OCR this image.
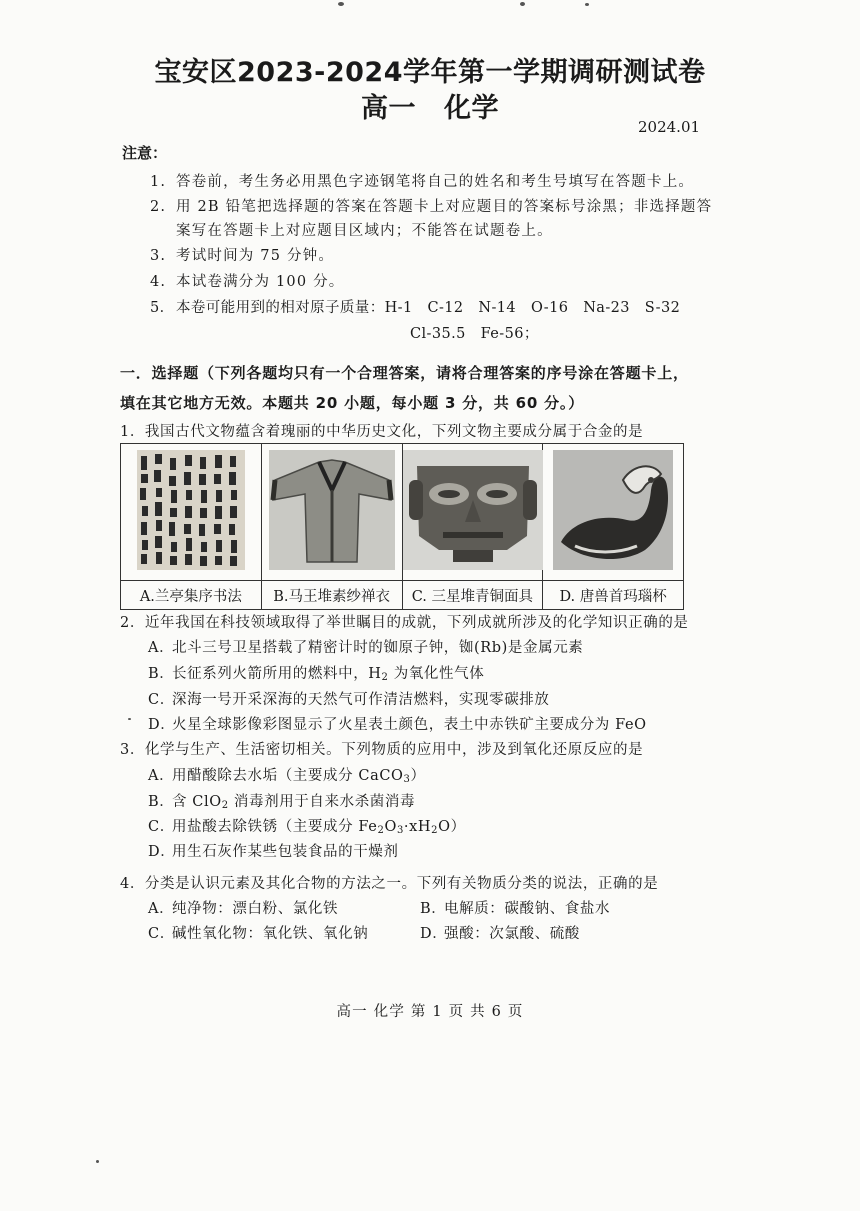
宝安区2023-2024学年第一学期调研测试卷
高一 化学
2024.01
注意：
1. 答卷前，考生务必用黑色字迹钢笔将自己的姓名和考生号填写在答题卡上。
2. 用 2B 铅笔把选择题的答案在答题卡上对应题目的答案标号涂黑；非选择题答
案写在答题卡上对应题目区域内；不能答在试题卷上。
3. 考试时间为 75 分钟。
4. 本试卷满分为 100 分。
5．本卷可能用到的相对原子质量：H-1　C-12　N-14　O-16　Na-23　S-32
Cl-35.5　Fe-56；
一．选择题（下列各题均只有一个合理答案，请将合理答案的序号涂在答题卡上，填在其它地方无效。本题共 20 小题，每小题 3 分，共 60 分。）
1．我国古代文物蕴含着瑰丽的中华历史文化，下列文物主要成分属于合金的是

A.兰亭集序书法	B.马王堆素纱禅衣	C. 三星堆青铜面具	D. 唐兽首玛瑙杯
2．近年我国在科技领域取得了举世瞩目的成就，下列成就所涉及的化学知识正确的是
A．北斗三号卫星搭载了精密计时的铷原子钟，铷(Rb)是金属元素
B．长征系列火箭所用的燃料中，$H_2$ 为氧化性气体
C．深海一号开采深海的天然气可作清洁燃料，实现零碳排放
D．火星全球影像彩图显示了火星表土颜色，表土中赤铁矿主要成分为 FeO
3．化学与生产、生活密切相关。下列物质的应用中，涉及到氧化还原反应的是
A．用醋酸除去水垢（主要成分 CaCO$_3$）
B．含 ClO$_2$ 消毒剂用于自来水杀菌消毒
C．用盐酸去除铁锈（主要成分 $Fe_2O_3\cdot xH_2O$）
D．用生石灰作某些包装食品的干燥剂
4．分类是认识元素及其化合物的方法之一。下列有关物质分类的说法，正确的是
A．纯净物：漂白粉、氯化铁	B．电解质：碳酸钠、食盐水
C．碱性氧化物：氧化铁、氧化钠	D．强酸：次氯酸、硫酸
高一 化学 第 1 页 共 6 页
